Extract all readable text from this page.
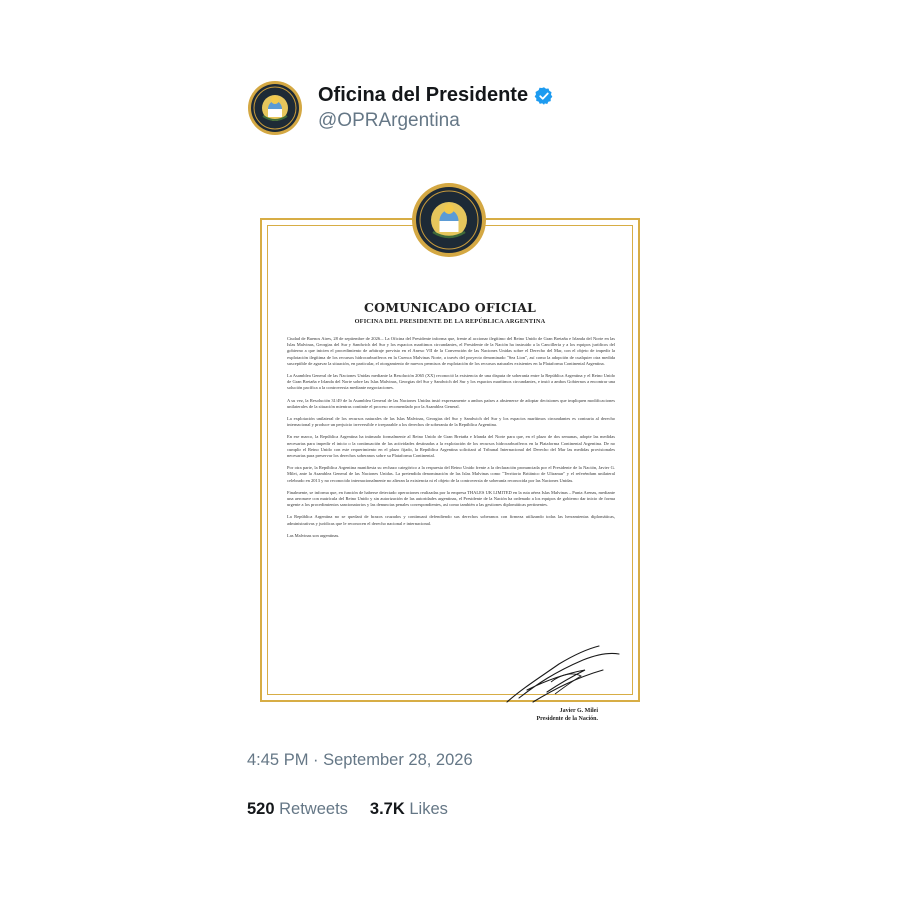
Oficina del Presidente
@OPRArgentina
COMUNICADO OFICIAL
OFICINA DEL PRESIDENTE DE LA REPÚBLICA ARGENTINA

Ciudad de Buenos Aires, 28 de septiembre de 2026.– La Oficina del Presidente informa que, frente al accionar ilegítimo del Reino Unido de Gran Bretaña e Irlanda del Norte en las Islas Malvinas, Georgias del Sur y Sandwich del Sur y los espacios marítimos circundantes, el Presidente de la Nación ha instruido a la Cancillería y a los equipos jurídicos del gobierno a que inicien el procedimiento de arbitraje previsto en el Anexo VII de la Convención de las Naciones Unidas sobre el Derecho del Mar, con el objeto de impedir la explotación ilegítima de los recursos hidrocarburíferos en la Cuenca Malvinas Norte, a través del proyecto denominado "Sea Lion", así como la adopción de cualquier otra medida susceptible de agravar la situación, en particular, el otorgamiento de nuevos permisos de explotación de los recursos naturales existentes en la Plataforma Continental Argentina.

La Asamblea General de las Naciones Unidas mediante la Resolución 2065 (XX) reconoció la existencia de una disputa de soberanía entre la República Argentina y el Reino Unido de Gran Bretaña e Irlanda del Norte sobre las Islas Malvinas, Georgias del Sur y Sandwich del Sur y los espacios marítimos circundantes, e instó a ambos Gobiernos a encontrar una solución pacífica a la controversia mediante negociaciones.

A su vez, la Resolución 31/49 de la Asamblea General de las Naciones Unidas instó expresamente a ambos países a abstenerse de adoptar decisiones que impliquen modificaciones unilaterales de la situación mientras continúe el proceso recomendado por la Asamblea General.

La explotación unilateral de los recursos naturales de las Islas Malvinas, Georgias del Sur y Sandwich del Sur y los espacios marítimos circundantes es contraria al derecho internacional y produce un perjuicio irreversible e irreparable a los derechos de soberanía de la República Argentina.

En ese marco, la República Argentina ha intimado formalmente al Reino Unido de Gran Bretaña e Irlanda del Norte para que, en el plazo de dos semanas, adopte las medidas necesarias para impedir el inicio o la continuación de las actividades destinadas a la explotación de los recursos hidrocarburíferos en la Plataforma Continental Argentina. De no cumplir el Reino Unido con este requerimiento en el plazo fijado, la República Argentina solicitará al Tribunal Internacional del Derecho del Mar las medidas provisionales necesarias para preservar los derechos soberanos sobre su Plataforma Continental.

Por otra parte, la República Argentina manifiesta su rechazo categórico a la respuesta del Reino Unido frente a la declaración pronunciada por el Presidente de la Nación, Javier G. Milei, ante la Asamblea General de las Naciones Unidas. La pretendida denominación de las Islas Malvinas como "Territorio Británico de Ultramar" y el referéndum unilateral celebrado en 2013 y no reconocido internacionalmente no alteran la existencia ni el objeto de la controversia de soberanía reconocida por las Naciones Unidas.

Finalmente, se informa que, en función de haberse detectado operaciones realizadas por la empresa THALES UK LIMITED en la ruta aérea Islas Malvinas – Punta Arenas, mediante una aeronave con matrícula del Reino Unido y sin autorización de las autoridades argentinas, el Presidente de la Nación ha ordenado a los equipos de gobierno dar inicio de forma urgente a los procedimientos sancionatorios y las denuncias penales correspondientes, así como también a las gestiones diplomáticas pertinentes.

La República Argentina no se quedará de brazos cruzados y continuará defendiendo sus derechos soberanos con firmeza utilizando todas las herramientas diplomáticas, administrativas y jurídicas que le reconocen el derecho nacional e internacional.

Las Malvinas son argentinas.

Javier G. Milei
Presidente de la Nación.
4:45 PM · September 28, 2026
520 Retweets 3.7K Likes
